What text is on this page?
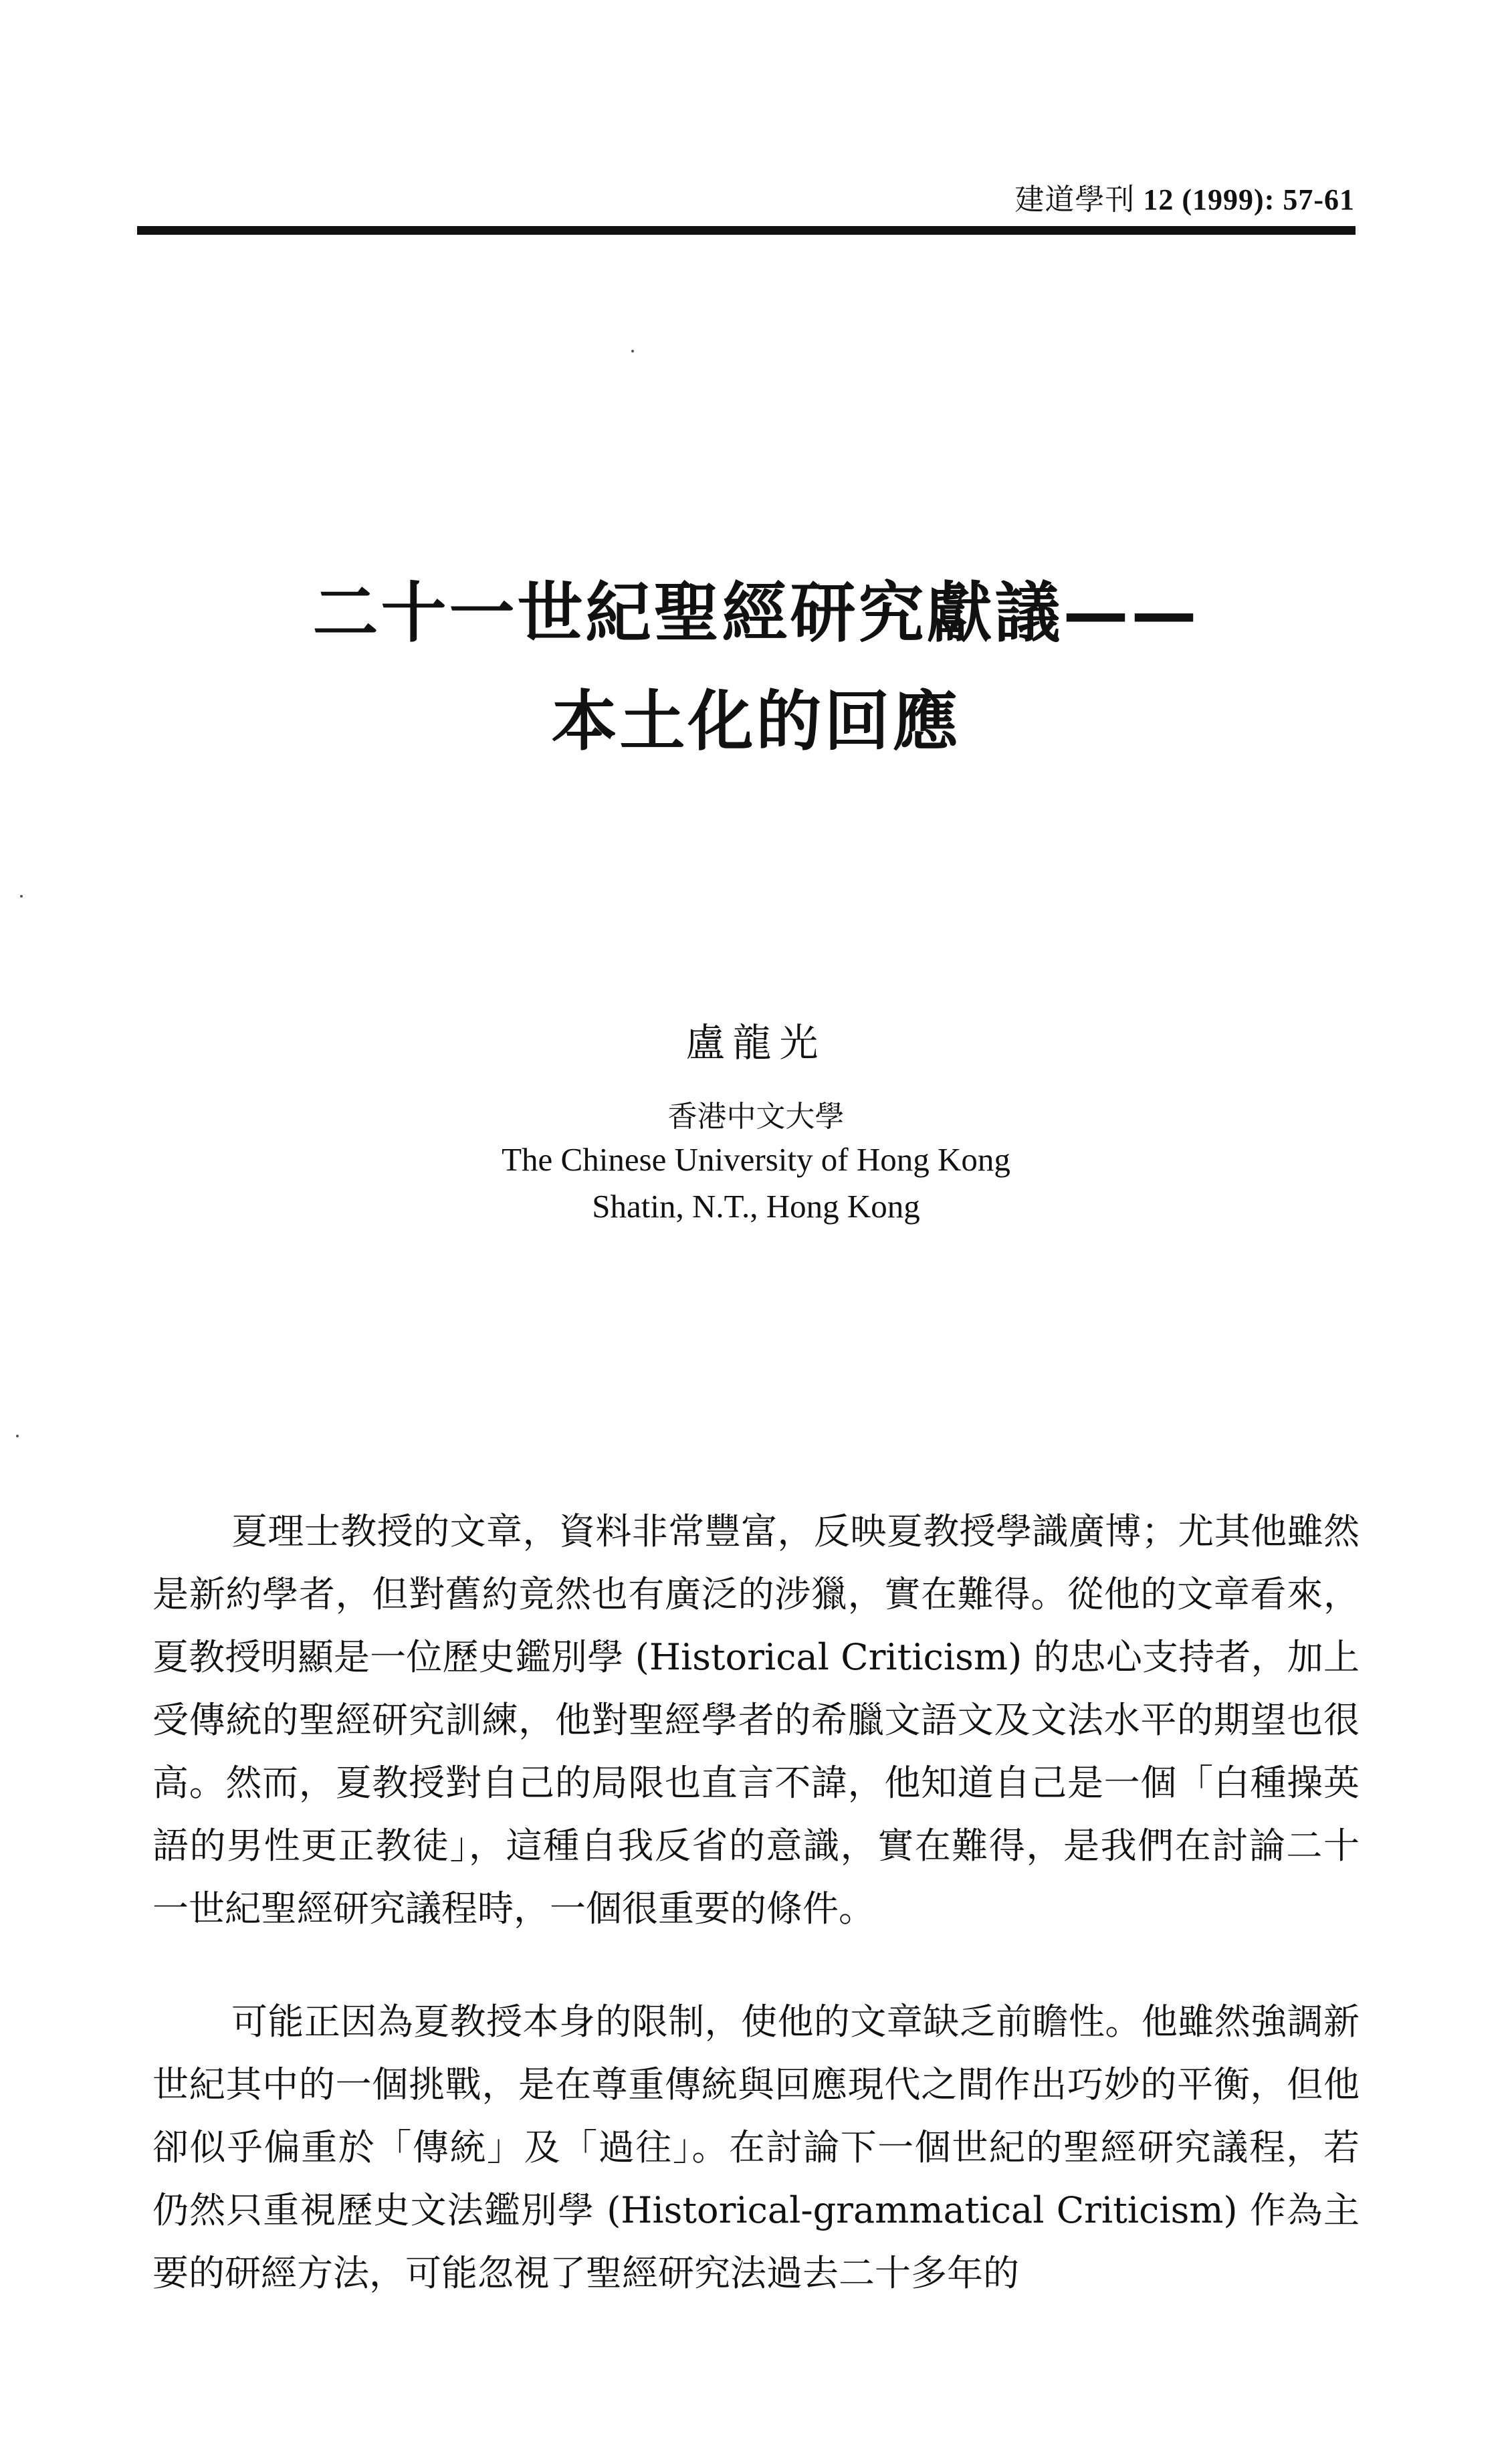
建道學刊 12 (1999): 57-61
二十一世紀聖經研究獻議——
本土化的回應
盧龍光
香港中文大學
The Chinese University of Hong Kong
Shatin, N.T., Hong Kong

夏理士教授的文章，資料非常豐富，反映夏教授學識廣博；尤其他雖然是新約學者，但對舊約竟然也有廣泛的涉獵，實在難得。從他的文章看來，夏教授明顯是一位歷史鑑別學 (Historical Criticism) 的忠心支持者，加上受傳統的聖經研究訓練，他對聖經學者的希臘文語文及文法水平的期望也很高。然而，夏教授對自己的局限也直言不諱，他知道自己是一個「白種操英語的男性更正教徒」，這種自我反省的意識，實在難得，是我們在討論二十一世紀聖經研究議程時，一個很重要的條件。

可能正因為夏教授本身的限制，使他的文章缺乏前瞻性。他雖然強調新世紀其中的一個挑戰，是在尊重傳統與回應現代之間作出巧妙的平衡，但他卻似乎偏重於「傳統」及「過往」。在討論下一個世紀的聖經研究議程，若仍然只重視歷史文法鑑別學 (Historical-grammatical Criticism) 作為主要的研經方法，可能忽視了聖經研究法過去二十多年的
